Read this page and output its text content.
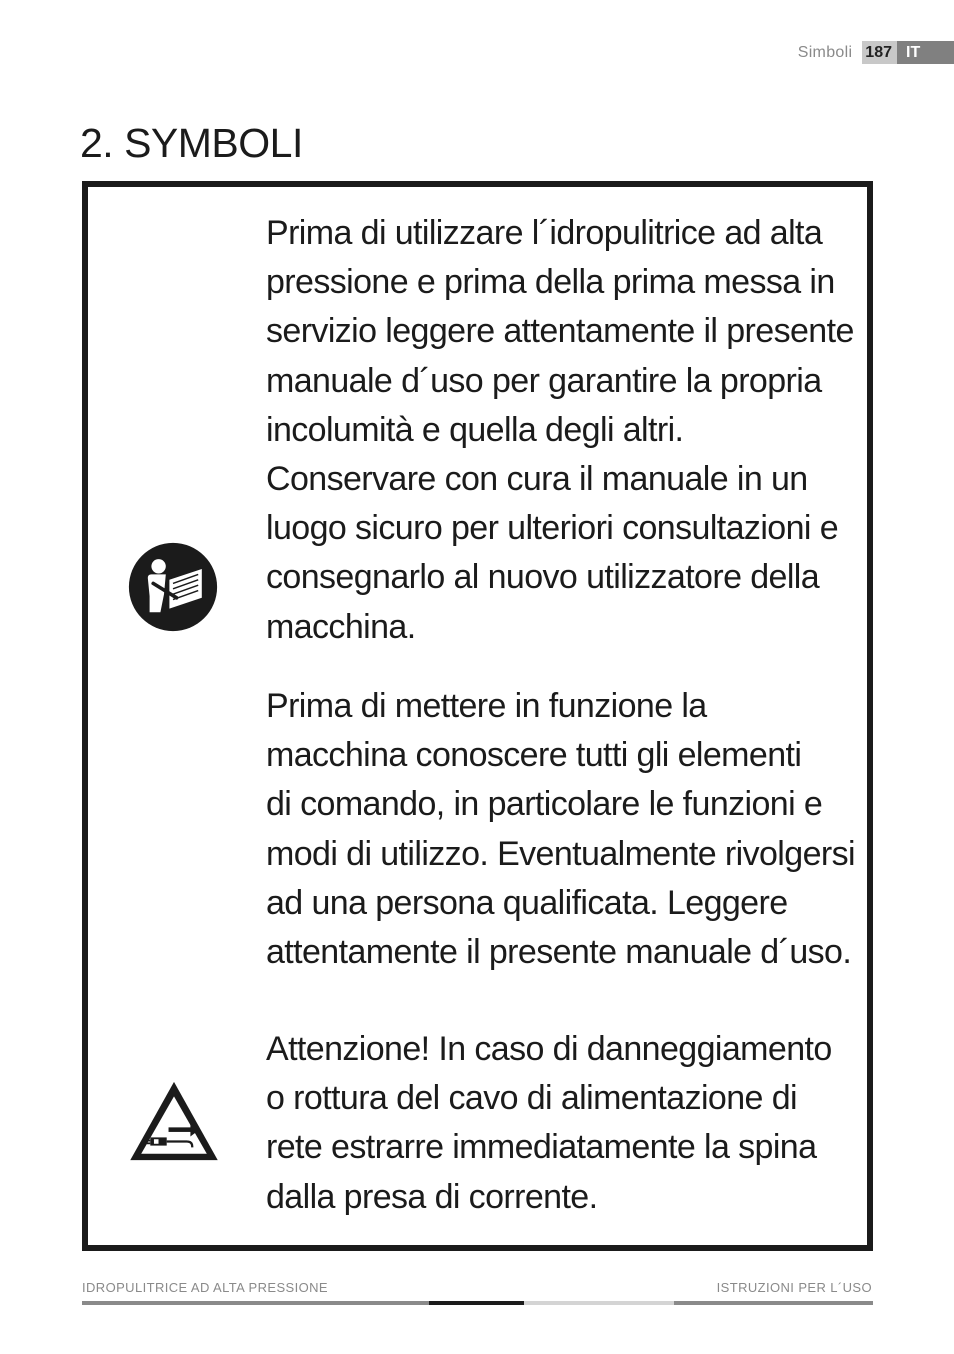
Simboli 187 IT
2. SYMBOLI

Prima di utilizzare l´idropulitrice ad alta
pressione e prima della prima messa in
servizio leggere attentamente il presente
manuale d´uso per garantire la propria
incolumità e quella degli altri.
Conservare con cura il manuale in un
luogo sicuro per ulteriori consultazioni e
consegnarlo al nuovo utilizzatore della
macchina.

Prima di mettere in funzione la
macchina conoscere tutti gli elementi
di comando, in particolare le funzioni e
modi di utilizzo. Eventualmente rivolgersi
ad una persona qualificata. Leggere
attentamente il presente manuale d´uso.

Attenzione! In caso di danneggiamento
o rottura del cavo di alimentazione di
rete estrarre immediatamente la spina
dalla presa di corrente.

IDROPULITRICE AD ALTA PRESSIONE	ISTRUZIONI PER L´USO
